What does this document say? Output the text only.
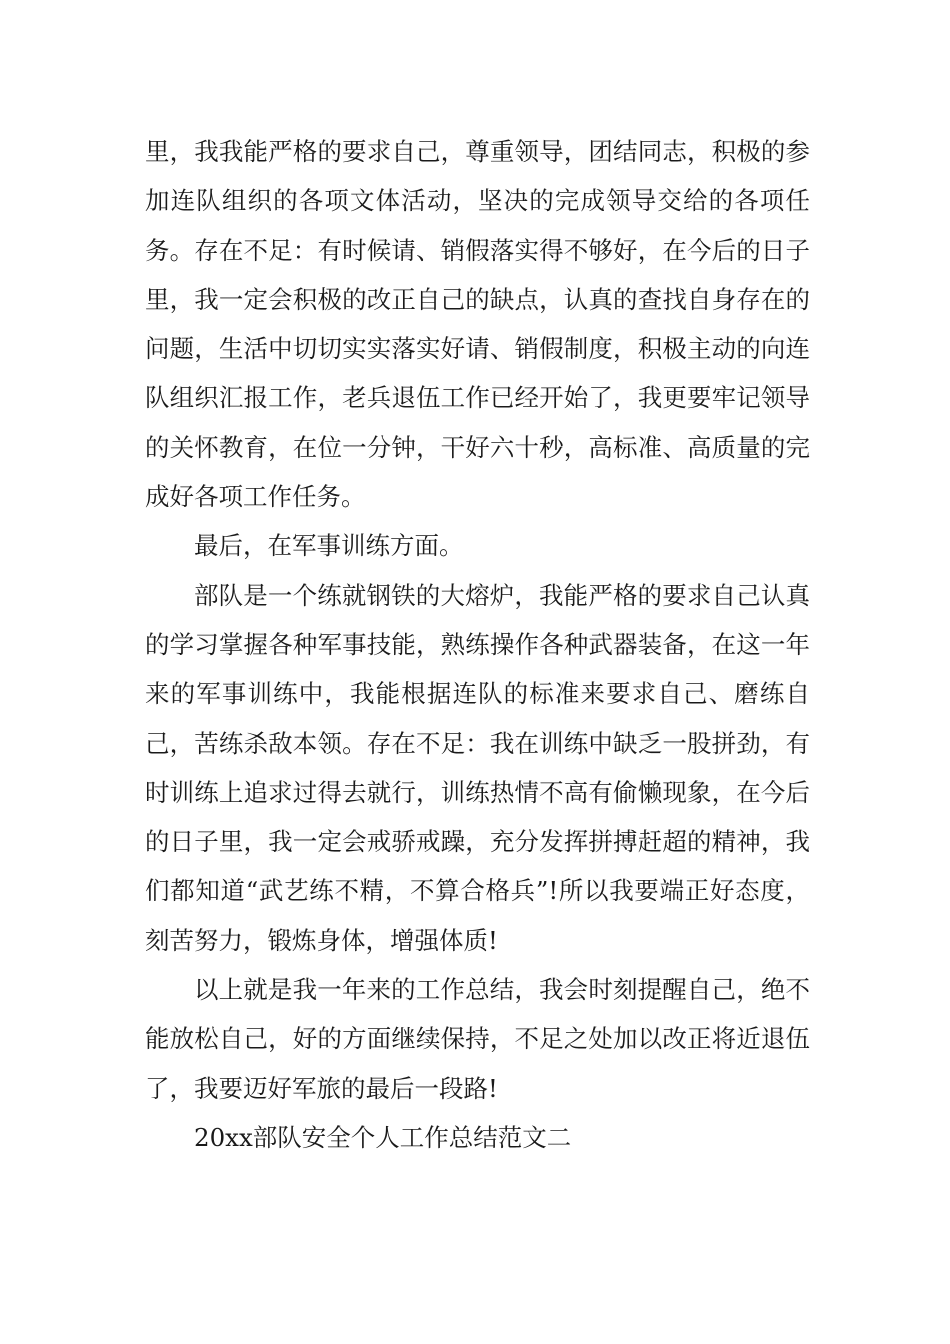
里，我我能严格的要求自己，尊重领导，团结同志，积极的参加连队组织的各项文体活动，坚决的完成领导交给的各项任务。存在不足：有时候请、销假落实得不够好，在今后的日子里，我一定会积极的改正自己的缺点，认真的查找自身存在的问题，生活中切切实实落实好请、销假制度，积极主动的向连队组织汇报工作，老兵退伍工作已经开始了，我更要牢记领导的关怀教育，在位一分钟，干好六十秒，高标准、高质量的完成好各项工作任务。

最后，在军事训练方面。

部队是一个练就钢铁的大熔炉，我能严格的要求自己认真的学习掌握各种军事技能，熟练操作各种武器装备，在这一年来的军事训练中，我能根据连队的标准来要求自己、磨练自己，苦练杀敌本领。存在不足：我在训练中缺乏一股拼劲，有时训练上追求过得去就行，训练热情不高有偷懒现象，在今后的日子里，我一定会戒骄戒躁，充分发挥拼搏赶超的精神，我们都知道“武艺练不精，不算合格兵”!所以我要端正好态度，刻苦努力，锻炼身体，增强体质!

以上就是我一年来的工作总结，我会时刻提醒自己，绝不能放松自己，好的方面继续保持，不足之处加以改正将近退伍了，我要迈好军旅的最后一段路!

20xx部队安全个人工作总结范文二
